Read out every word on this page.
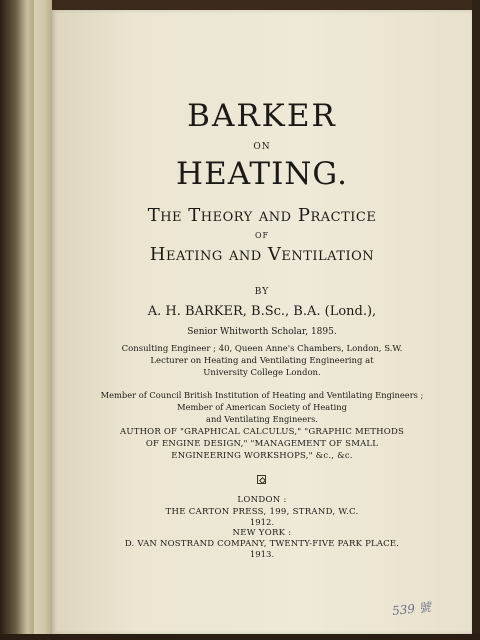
BARKER
ON
HEATING.
The Theory and Practice
OF
Heating and Ventilation
BY
A. H. BARKER, B.Sc., B.A. (Lond.),
Senior Whitworth Scholar, 1895.
Consulting Engineer ; 40, Queen Anne's Chambers, London, S.W.
Lecturer on Heating and Ventilating Engineering at
University College London.
Member of Council British Institution of Heating and Ventilating Engineers ;
Member of American Society of Heating
and Ventilating Engineers.
AUTHOR OF "GRAPHICAL CALCULUS," "GRAPHIC METHODS
OF ENGINE DESIGN," "MANAGEMENT OF SMALL
ENGINEERING WORKSHOPS," &c., &c.
LONDON :
THE CARTON PRESS, 199, STRAND, W.C.
1912.
NEW YORK :
D. VAN NOSTRAND COMPANY, TWENTY-FIVE PARK PLACE.
1913.
539 號
